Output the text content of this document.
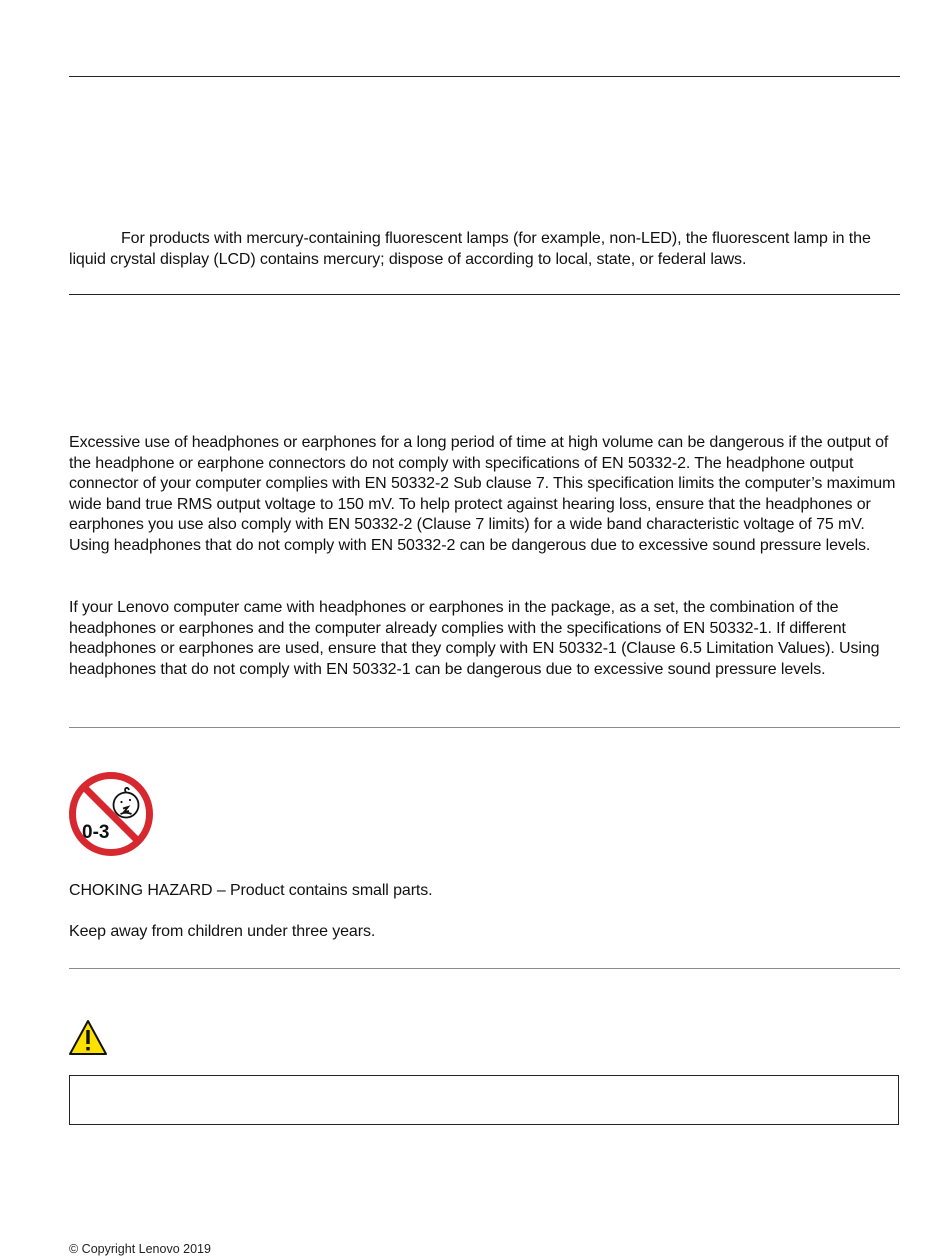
For products with mercury-containing fluorescent lamps (for example, non-LED), the fluorescent lamp in the liquid crystal display (LCD) contains mercury; dispose of according to local, state, or federal laws.

Excessive use of headphones or earphones for a long period of time at high volume can be dangerous if the output of the headphone or earphone connectors do not comply with specifications of EN 50332-2. The headphone output connector of your computer complies with EN 50332-2 Sub clause 7. This specification limits the computer’s maximum wide band true RMS output voltage to 150 mV. To help protect against hearing loss, ensure that the headphones or earphones you use also comply with EN 50332-2 (Clause 7 limits) for a wide band characteristic voltage of 75 mV. Using headphones that do not comply with EN 50332-2 can be dangerous due to excessive sound pressure levels.

If your Lenovo computer came with headphones or earphones in the package, as a set, the combination of the headphones or earphones and the computer already complies with the specifications of EN 50332-1. If different headphones or earphones are used, ensure that they comply with EN 50332-1 (Clause 6.5 Limitation Values). Using headphones that do not comply with EN 50332-1 can be dangerous due to excessive sound pressure levels.

0-3

CHOKING HAZARD – Product contains small parts.

Keep away from children under three years.

© Copyright Lenovo 2019
